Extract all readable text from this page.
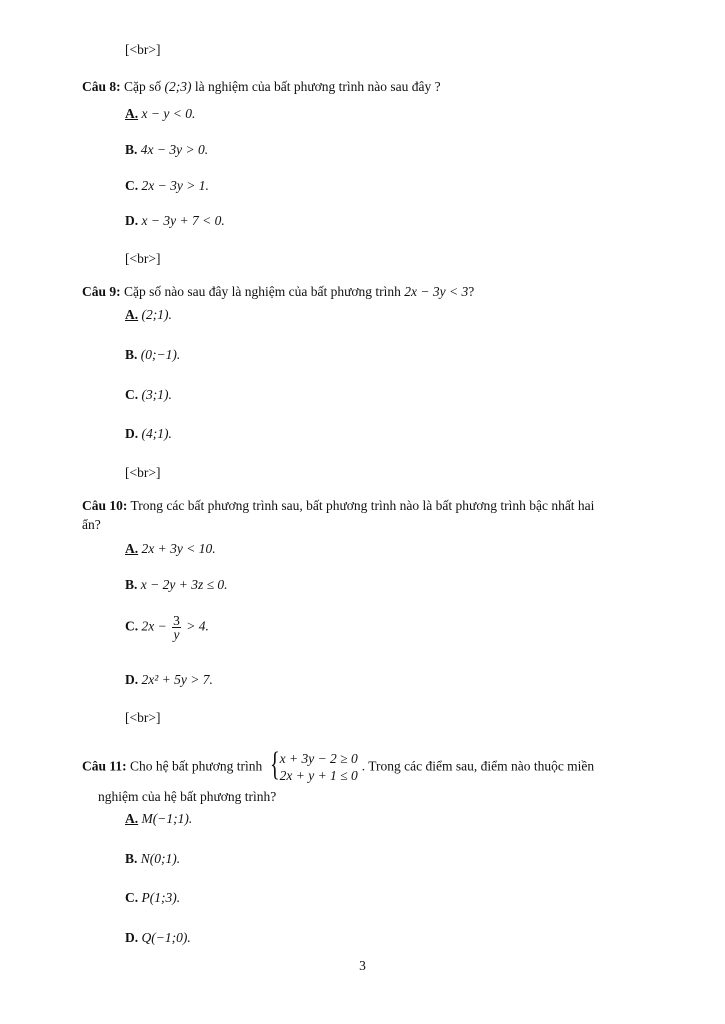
[<br>]
Câu 8: Cặp số (2;3) là nghiệm của bất phương trình nào sau đây ?
A. x − y < 0.
B. 4x − 3y > 0.
C. 2x − 3y > 1.
D. x − 3y + 7 < 0.
[<br>]
Câu 9: Cặp số nào sau đây là nghiệm của bất phương trình 2x − 3y < 3?
A. (2;1).
B. (0;−1).
C. (3;1).
D. (4;1).
[<br>]
Câu 10: Trong các bất phương trình sau, bất phương trình nào là bất phương trình bậc nhất hai
ẩn?
A. 2x + 3y < 10.
B. x − 2y + 3z ≤ 0.
C. $2x - \frac{3}{y} > 4$.
D. 2x² + 5y > 7.
[<br>]
Câu 11: Cho hệ bất phương trình { x + 3y − 2 ≥ 0
2x + y + 1 ≤ 0
. Trong các điểm sau, điểm nào thuộc miền
nghiệm của hệ bất phương trình?
A. M(−1;1).
B. N(0;1).
C. P(1;3).
D. Q(−1;0).
3
